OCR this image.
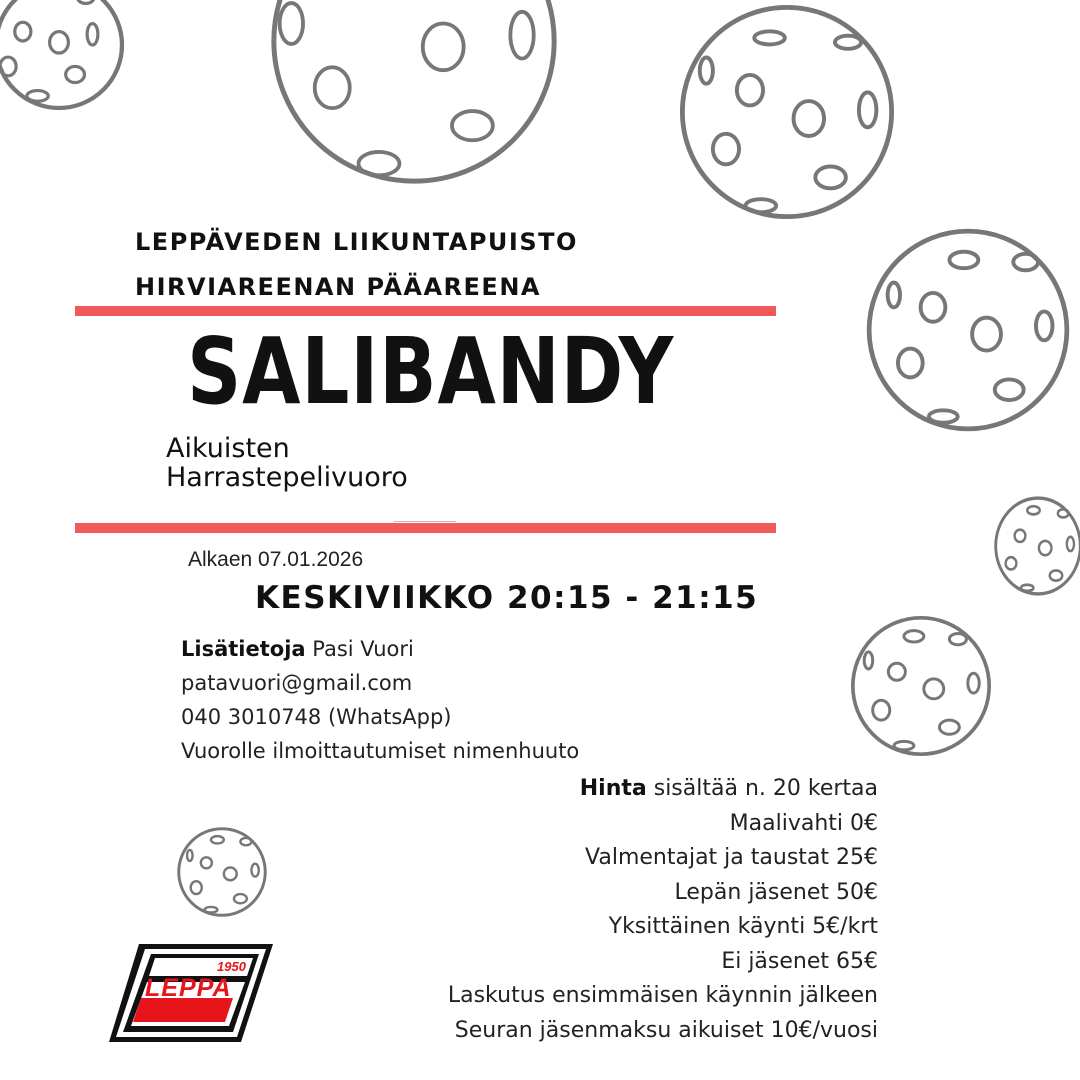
LEPPÄVEDEN LIIKUNTAPUISTO
HIRVIAREENAN PÄÄAREENA
SALIBANDY
Aikuisten
Harrastepelivuoro
Alkaen 07.01.2026
KESKIVIIKKO 20:15 - 21:15
Lisätietoja Pasi Vuori
patavuori@gmail.com
040 3010748 (WhatsApp)
Vuorolle ilmoittautumiset nimenhuuto
Hinta sisältää n. 20 kertaa
Maalivahti 0€
Valmentajat ja taustat 25€
Lepän jäsenet 50€
Yksittäinen käynti 5€/krt
Ei jäsenet 65€
Laskutus ensimmäisen käynnin jälkeen
Seuran jäsenmaksu aikuiset 10€/vuosi
1950
LEPPA
